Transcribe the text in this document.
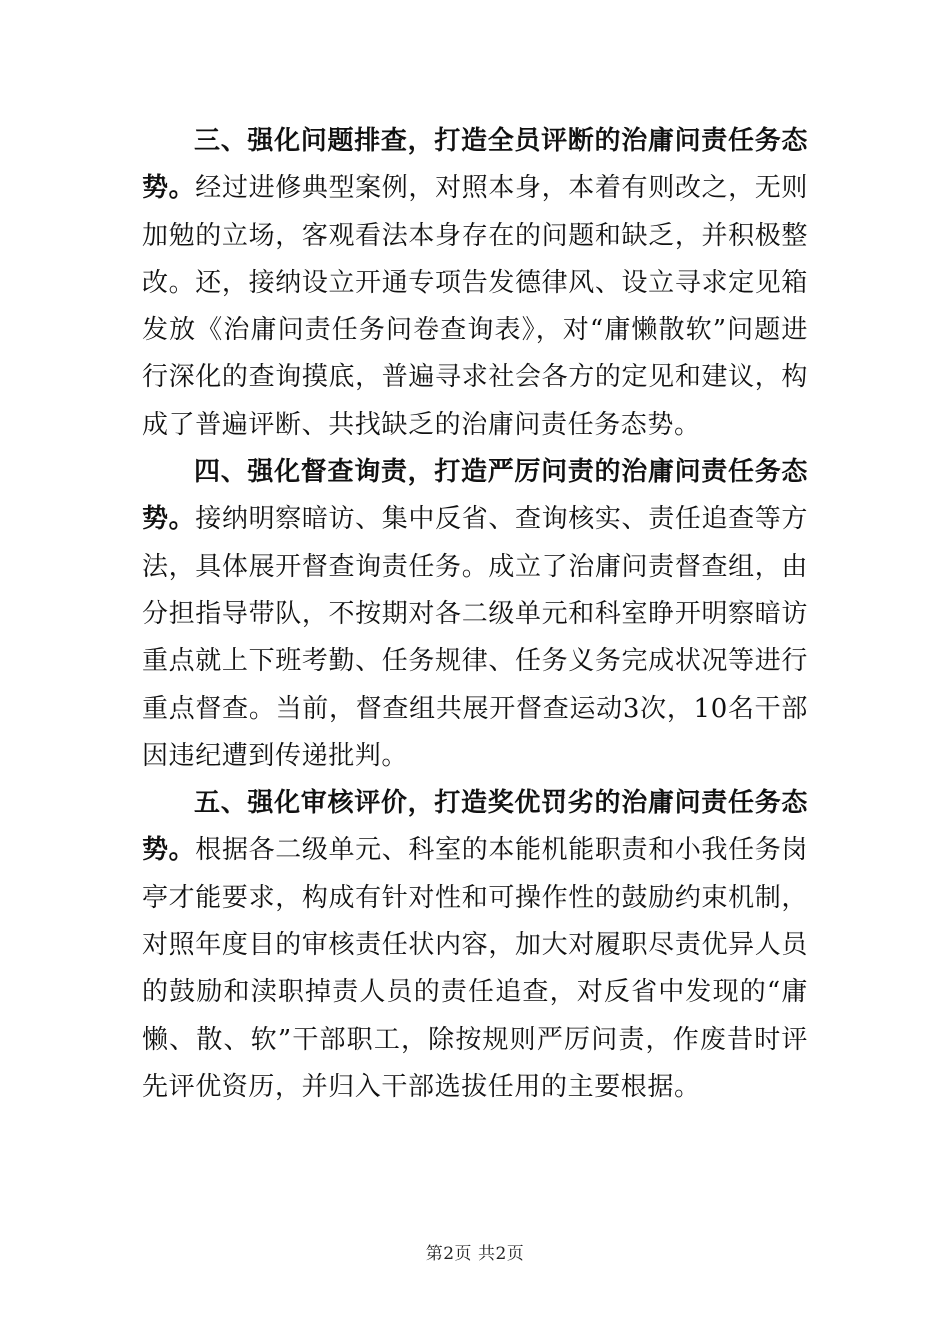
三、强化问题排查，打造全员评断的治庸问责任务态势。经过进修典型案例，对照本身，本着有则改之，无则加勉的立场，客观看法本身存在的问题和缺乏，并积极整改。还，接纳设立开通专项告发德律风、设立寻求定见箱发放《治庸问责任务问卷查询表》，对“庸懒散软”问题进行深化的查询摸底，普遍寻求社会各方的定见和建议，构成了普遍评断、共找缺乏的治庸问责任务态势。

四、强化督查询责，打造严厉问责的治庸问责任务态势。接纳明察暗访、集中反省、查询核实、责任追查等方法，具体展开督查询责任务。成立了治庸问责督查组，由分担指导带队，不按期对各二级单元和科室睁开明察暗访重点就上下班考勤、任务规律、任务义务完成状况等进行重点督查。当前，督查组共展开督查运动3次，10名干部因违纪遭到传递批判。

五、强化审核评价，打造奖优罚劣的治庸问责任务态势。根据各二级单元、科室的本能机能职责和小我任务岗亭才能要求，构成有针对性和可操作性的鼓励约束机制，对照年度目的审核责任状内容，加大对履职尽责优异人员的鼓励和渎职掉责人员的责任追查，对反省中发现的“庸懒、散、软”干部职工，除按规则严厉问责，作废昔时评先评优资历，并归入干部选拔任用的主要根据。

第2页 共2页
